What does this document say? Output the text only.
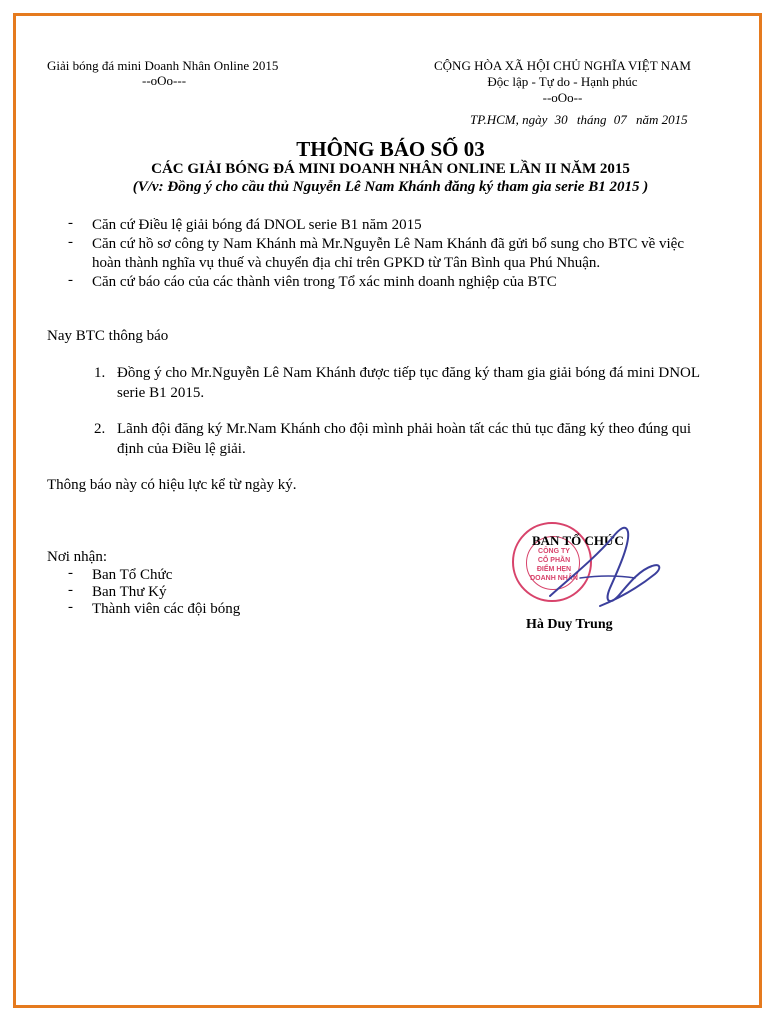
Giải bóng đá mini Doanh Nhân Online 2015
--oOo---
CỘNG HÒA XÃ HỘI CHỦ NGHĨA VIỆT NAM
Độc lập - Tự do - Hạnh phúc
--oOo--
TP.HCM, ngày 30 tháng 07 năm 2015
THÔNG BÁO SỐ 03
CÁC GIẢI BÓNG ĐÁ MINI DOANH NHÂN ONLINE LẦN II NĂM 2015
(V/v: Đồng ý cho cầu thủ Nguyễn Lê Nam Khánh đăng ký tham gia serie B1 2015 )
- Căn cứ Điều lệ giải bóng đá DNOL serie B1 năm 2015
- Căn cứ hồ sơ công ty Nam Khánh mà Mr.Nguyễn Lê Nam Khánh đã gửi bổ sung cho BTC về việc
hoàn thành nghĩa vụ thuế và chuyển địa chỉ trên GPKD từ Tân Bình qua Phú Nhuận.
- Căn cứ báo cáo của các thành viên trong Tổ xác minh doanh nghiệp của BTC
Nay BTC thông báo
1. Đồng ý cho Mr.Nguyễn Lê Nam Khánh được tiếp tục đăng ký tham gia giải bóng đá mini DNOL
serie B1 2015.
2. Lãnh đội đăng ký Mr.Nam Khánh cho đội mình phải hoàn tất các thủ tục đăng ký theo đúng qui
định của Điều lệ giải.
Thông báo này có hiệu lực kể từ ngày ký.
Nơi nhận:
- Ban Tổ Chức
- Ban Thư Ký
- Thành viên các đội bóng
CÔNG TY
CỔ PHẦN
ĐIỂM HẸN
DOANH NHÂN
BAN TỔ CHỨC
Hà Duy Trung
